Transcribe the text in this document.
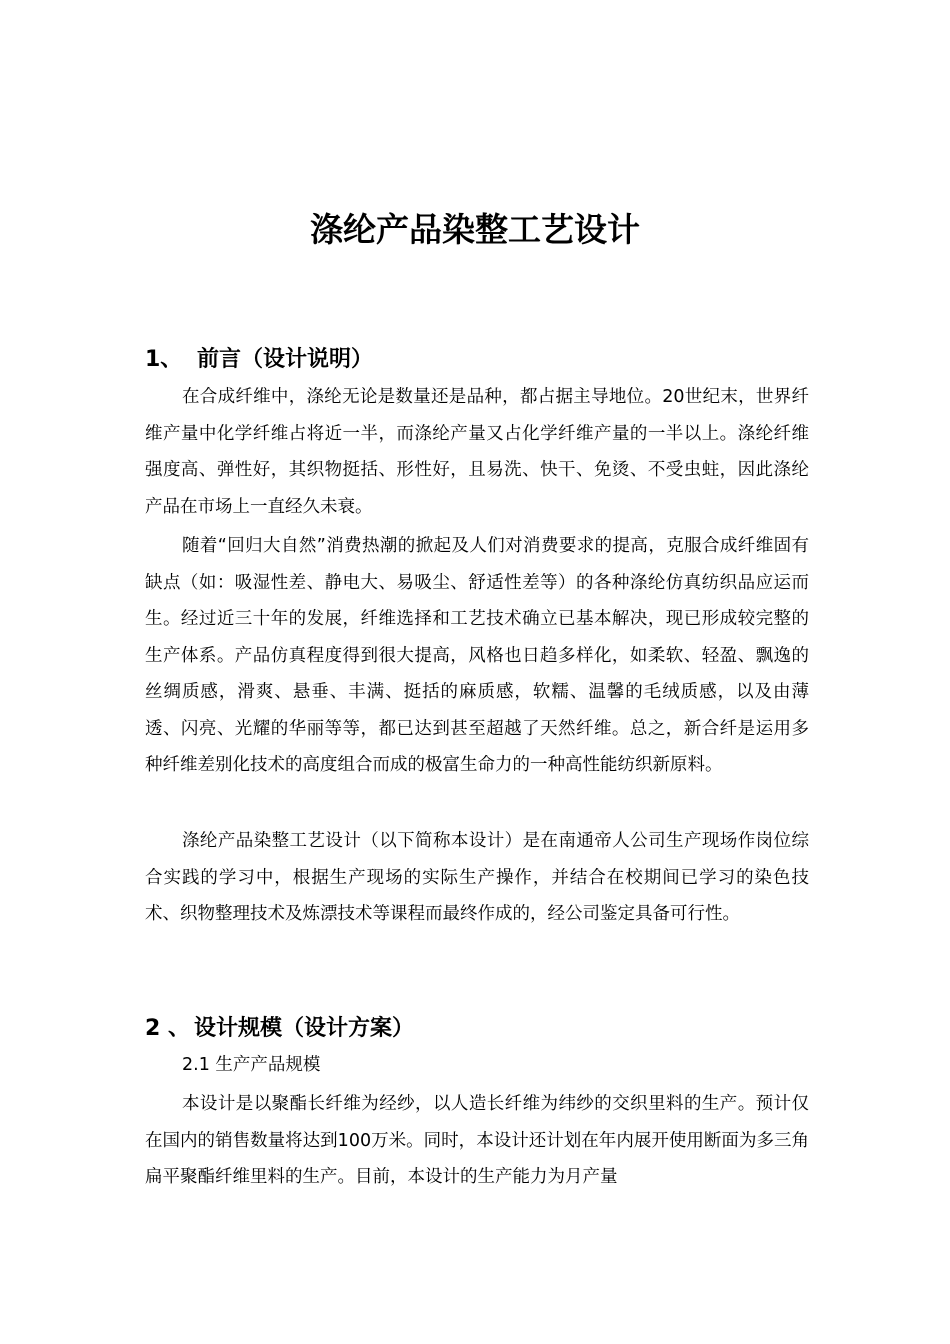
涤纶产品染整工艺设计
1、 前言（设计说明）

在合成纤维中，涤纶无论是数量还是品种，都占据主导地位。20世纪末，世界纤维产量中化学纤维占将近一半，而涤纶产量又占化学纤维产量的一半以上。涤纶纤维强度高、弹性好，其织物挺括、形性好，且易洗、快干、免烫、不受虫蛀，因此涤纶产品在市场上一直经久未衰。

随着“回归大自然”消费热潮的掀起及人们对消费要求的提高，克服合成纤维固有缺点（如：吸湿性差、静电大、易吸尘、舒适性差等）的各种涤纶仿真纺织品应运而生。经过近三十年的发展，纤维选择和工艺技术确立已基本解决，现已形成较完整的生产体系。产品仿真程度得到很大提高，风格也日趋多样化，如柔软、轻盈、飘逸的丝绸质感，滑爽、悬垂、丰满、挺括的麻质感，软糯、温馨的毛绒质感，以及由薄透、闪亮、光耀的华丽等等，都已达到甚至超越了天然纤维。总之，新合纤是运用多种纤维差别化技术的高度组合而成的极富生命力的一种高性能纺织新原料。

涤纶产品染整工艺设计（以下简称本设计）是在南通帝人公司生产现场作岗位综合实践的学习中，根据生产现场的实际生产操作，并结合在校期间已学习的染色技术、织物整理技术及炼漂技术等课程而最终作成的，经公司鉴定具备可行性。

2 、 设计规模（设计方案）

2.1 生产产品规模

本设计是以聚酯长纤维为经纱，以人造长纤维为纬纱的交织里料的生产。预计仅在国内的销售数量将达到100万米。同时，本设计还计划在年内展开使用断面为多三角扁平聚酯纤维里料的生产。目前，本设计的生产能力为月产量
